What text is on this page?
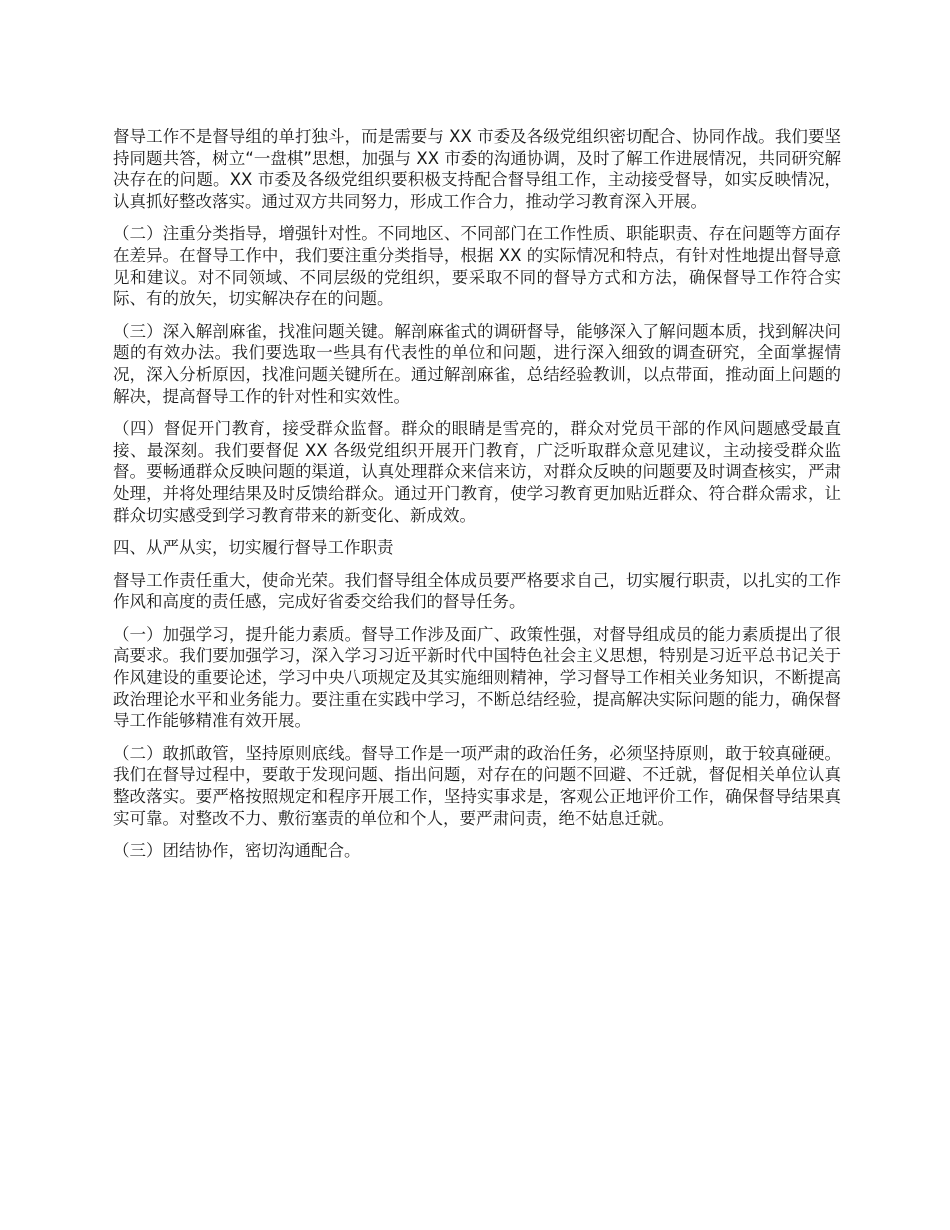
督导工作不是督导组的单打独斗，而是需要与 XX 市委及各级党组织密切配合、协同作战。我们要坚持同题共答，树立“一盘棋”思想，加强与 XX 市委的沟通协调，及时了解工作进展情况，共同研究解决存在的问题。XX 市委及各级党组织要积极支持配合督导组工作，主动接受督导，如实反映情况，认真抓好整改落实。通过双方共同努力，形成工作合力，推动学习教育深入开展。

（二）注重分类指导，增强针对性。不同地区、不同部门在工作性质、职能职责、存在问题等方面存在差异。在督导工作中，我们要注重分类指导，根据 XX 的实际情况和特点，有针对性地提出督导意见和建议。对不同领域、不同层级的党组织，要采取不同的督导方式和方法，确保督导工作符合实际、有的放矢，切实解决存在的问题。

（三）深入解剖麻雀，找准问题关键。解剖麻雀式的调研督导，能够深入了解问题本质，找到解决问题的有效办法。我们要选取一些具有代表性的单位和问题，进行深入细致的调查研究，全面掌握情况，深入分析原因，找准问题关键所在。通过解剖麻雀，总结经验教训，以点带面，推动面上问题的解决，提高督导工作的针对性和实效性。

（四）督促开门教育，接受群众监督。群众的眼睛是雪亮的，群众对党员干部的作风问题感受最直接、最深刻。我们要督促 XX 各级党组织开展开门教育，广泛听取群众意见建议，主动接受群众监督。要畅通群众反映问题的渠道，认真处理群众来信来访，对群众反映的问题要及时调查核实，严肃处理，并将处理结果及时反馈给群众。通过开门教育，使学习教育更加贴近群众、符合群众需求，让群众切实感受到学习教育带来的新变化、新成效。

四、从严从实，切实履行督导工作职责

督导工作责任重大，使命光荣。我们督导组全体成员要严格要求自己，切实履行职责，以扎实的工作作风和高度的责任感，完成好省委交给我们的督导任务。

（一）加强学习，提升能力素质。督导工作涉及面广、政策性强，对督导组成员的能力素质提出了很高要求。我们要加强学习，深入学习习近平新时代中国特色社会主义思想，特别是习近平总书记关于作风建设的重要论述，学习中央八项规定及其实施细则精神，学习督导工作相关业务知识，不断提高政治理论水平和业务能力。要注重在实践中学习，不断总结经验，提高解决实际问题的能力，确保督导工作能够精准有效开展。

（二）敢抓敢管，坚持原则底线。督导工作是一项严肃的政治任务，必须坚持原则，敢于较真碰硬。我们在督导过程中，要敢于发现问题、指出问题，对存在的问题不回避、不迁就，督促相关单位认真整改落实。要严格按照规定和程序开展工作，坚持实事求是，客观公正地评价工作，确保督导结果真实可靠。对整改不力、敷衍塞责的单位和个人，要严肃问责，绝不姑息迁就。

（三）团结协作，密切沟通配合。
